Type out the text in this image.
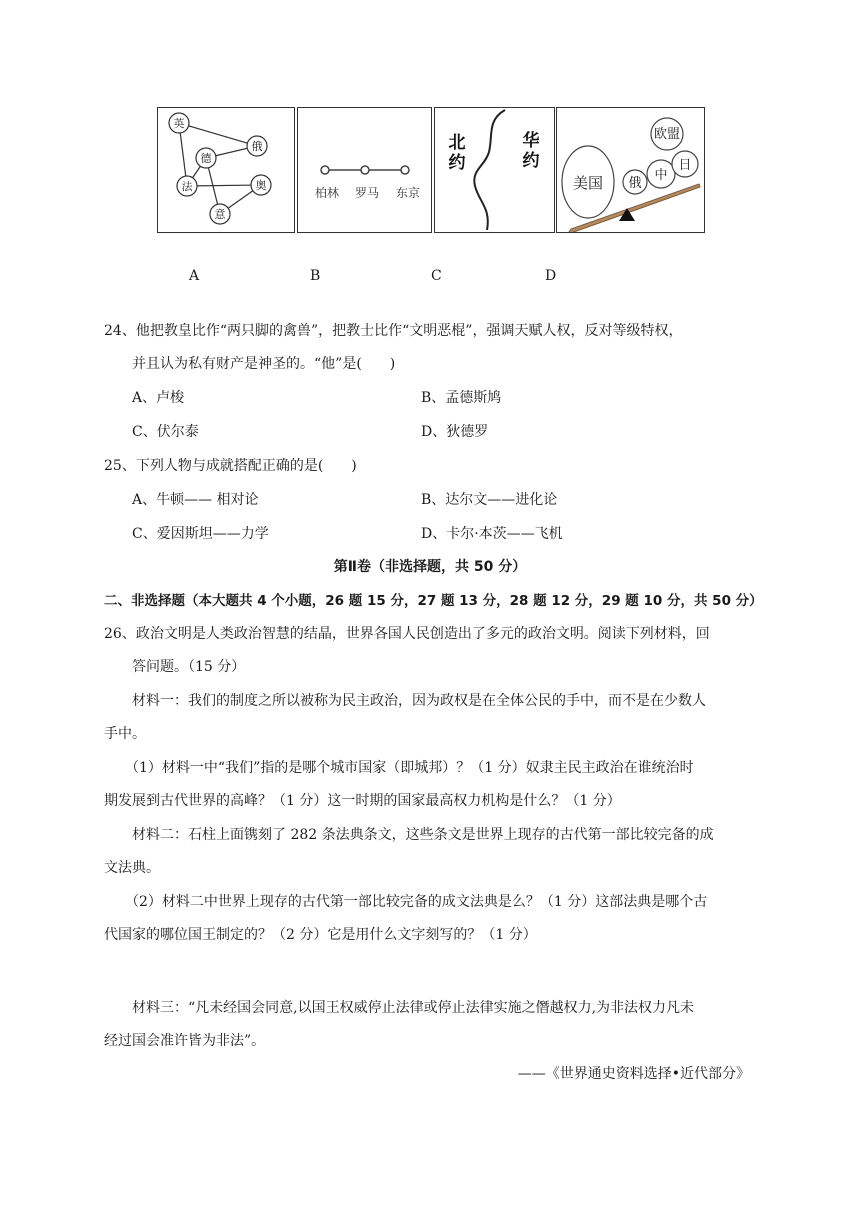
英
德
俄
法	奥
意
柏林 罗马 东京
北
约
华
约
美国 俄
中
日
欧盟
A	B	C	D
24、他把教皇比作“两只脚的禽兽”，把教士比作“文明恶棍”，强调天赋人权，反对等级特权，
并且认为私有财产是神圣的。“他”是(　　)
A、卢梭	B、孟德斯鸠
C、伏尔泰	D、狄德罗
25、下列人物与成就搭配正确的是(　　)
A、牛顿—— 相对论	B、达尔文——进化论
C、爱因斯坦——力学	D、卡尔·本茨——飞机
第Ⅱ卷（非选择题，共 50 分）
二、非选择题（本大题共 4 个小题，26 题 15 分，27 题 13 分，28 题 12 分，29 题 10 分，共 50 分）
26、政治文明是人类政治智慧的结晶，世界各国人民创造出了多元的政治文明。阅读下列材料，回
答问题。（15 分）
材料一：我们的制度之所以被称为民主政治，因为政权是在全体公民的手中，而不是在少数人
手中。
（1）材料一中“我们”指的是哪个城市国家（即城邦）？（1 分）奴隶主民主政治在谁统治时
期发展到古代世界的高峰？（1 分）这一时期的国家最高权力机构是什么？（1 分）
材料二：石柱上面镌刻了 282 条法典条文，这些条文是世界上现存的古代第一部比较完备的成
文法典。
（2）材料二中世界上现存的古代第一部比较完备的成文法典是么？（1 分）这部法典是哪个古
代国家的哪位国王制定的？（2 分）它是用什么文字刻写的？（1 分）
材料三：“凡未经国会同意,以国王权威停止法律或停止法律实施之僭越权力,为非法权力凡未
经过国会准许皆为非法”。
——《世界通史资料选择•近代部分》
